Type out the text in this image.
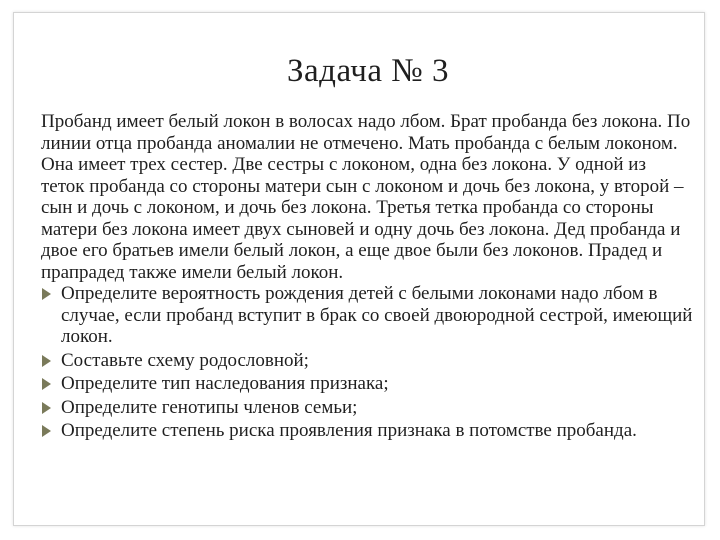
Задача № 3

Пробанд имеет белый локон в волосах надо лбом. Брат пробанда без локона. По линии отца пробанда аномалии не отмечено. Мать пробанда с белым локоном. Она имеет трех сестер. Две сестры с локоном, одна без локона. У одной из теток пробанда со стороны матери сын с локоном и дочь без локона, у второй – сын и дочь с локоном, и дочь без локона. Третья тетка пробанда со стороны матери без локона имеет двух сыновей и одну дочь без локона. Дед пробанда и двое его братьев имели белый локон, а еще двое были без локонов. Прадед и прапрадед также имели белый локон.

Определите вероятность рождения детей с белыми локонами надо лбом в случае, если пробанд вступит в брак со своей двоюродной сестрой, имеющий локон.
Составьте схему родословной;
Определите тип наследования признака;
Определите генотипы членов семьи;
Определите степень риска проявления признака в потомстве пробанда.
